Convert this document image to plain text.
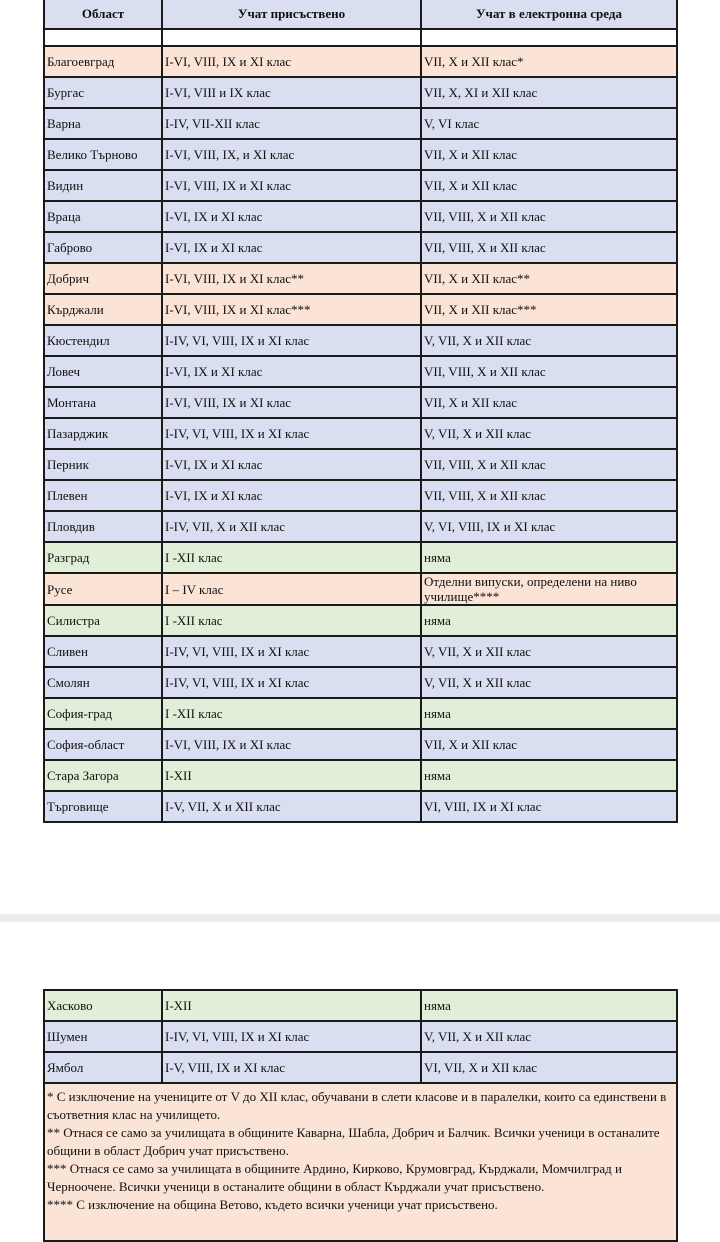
Област	Учат присъствено	Учат в електронна среда

Благоевград	I-VI, VIII, IX и XI клас	VII, X и XII клас*
Бургас	I-VI, VIII и IX клас	VII, X, XI и XII клас
Варна	I-IV, VII-XII клас	V, VI клас
Велико Търново	I-VI, VIII, IX, и XI клас	VII, X и XII клас
Видин	I-VI, VIII, IX и XI клас	VII, X и XII клас
Враца	I-VI, IX и XI клас	VII, VIII, X и XII клас
Габрово	I-VI, IX и XI клас	VII, VIII, X и XII клас
Добрич	I-VI, VIII, IX и XI клас**	VII, X и XII клас**
Кърджали	I-VI, VIII, IX и XI клас***	VII, X и XII клас***
Кюстендил	I-IV, VI, VIII, IX и XI клас	V, VII, X и XII клас
Ловеч	I-VI, IX и XI клас	VII, VIII, X и XII клас
Монтана	I-VI, VIII, IX и XI клас	VII, X и XII клас
Пазарджик	I-IV, VI, VIII, IX и XI клас	V, VII, X и XII клас
Перник	I-VI, IX и XI клас	VII, VIII, X и XII клас
Плевен	I-VI, IX и XI клас	VII, VIII, X и XII клас
Пловдив	I-IV, VII, X и XII клас	V, VI, VIII, IX и XI клас
Разград	I -XII клас	няма
Русе	I – IV клас	Отделни випуски, определени на ниво училище****
Силистра	I -XII клас	няма
Сливен	I-IV, VI, VIII, IX и XI клас	V, VII, X и XII клас
Смолян	I-IV, VI, VIII, IX и XI клас	V, VII, X и XII клас
София-град	I -XII клас	няма
София-област	I-VI, VIII, IX и XI клас	VII, X и XII клас
Стара Загора	I-XII	няма
Търговище	I-V, VII, X и XII клас	VI, VIII, IX и XI клас
Хасково	I-XII	няма
Шумен	I-IV, VI, VIII, IX и XI клас	V, VII, X и XII клас
Ямбол	I-V, VIII, IX и XI клас	VI, VII, X и XII клас

* С изключение на учениците от V до XII клас, обучавани в слети класове и в паралелки, които са единствени в съответния клас на училището.
** Отнася се само за училищата в общините Каварна, Шабла, Добрич и Балчик. Всички ученици в останалите общини в област Добрич учат присъствено.
*** Отнася се само за училищата в общините Ардино, Кирково, Крумовград, Кърджали, Момчилград и Черноочене. Всички ученици в останалите общини в област Кърджали учат присъствено.
**** С изключение на община Ветово, където всички ученици учат присъствено.		
